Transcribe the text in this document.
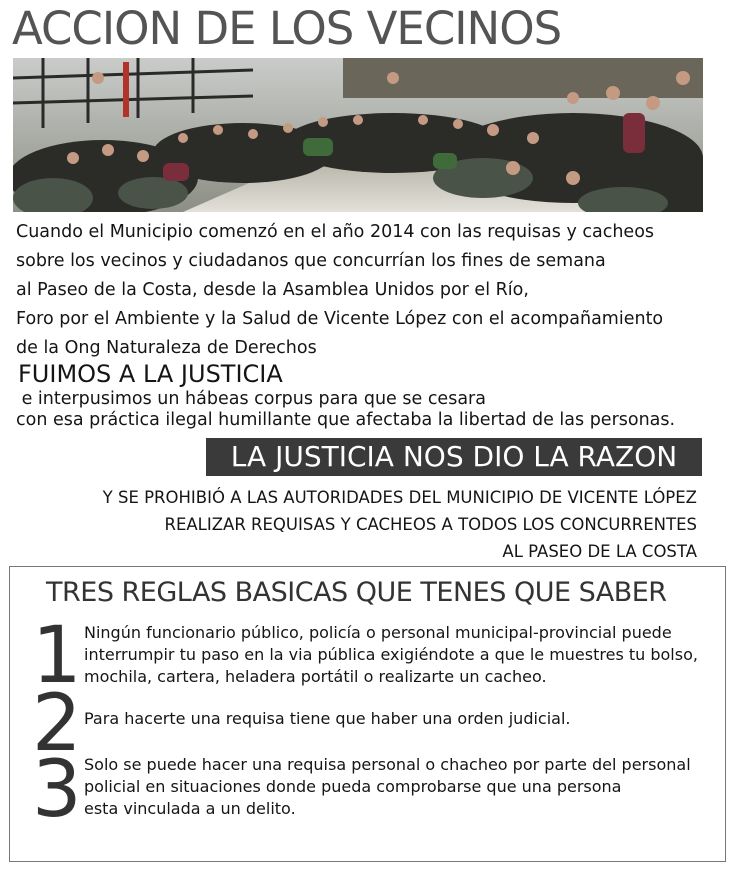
ACCION DE LOS VECINOS
Cuando el Municipio comenzó en el año 2014 con las requisas y cacheos
sobre los vecinos y ciudadanos que concurrían los fines de semana
al Paseo de la Costa, desde la Asamblea Unidos por el Río,
Foro por el Ambiente y la Salud de Vicente López con el acompañamiento
de la Ong Naturaleza de Derechos
FUIMOS A LA JUSTICIA
e interpusimos un hábeas corpus para que se cesara
con esa práctica ilegal humillante que afectaba la libertad de las personas.
LA JUSTICIA NOS DIO LA RAZON
Y SE PROHIBIÓ A LAS AUTORIDADES DEL MUNICIPIO DE VICENTE LÓPEZ
REALIZAR REQUISAS Y CACHEOS A TODOS LOS CONCURRENTES
AL PASEO DE LA COSTA
TRES REGLAS BASICAS QUE TENES QUE SABER
1 Ningún funcionario público, policía o personal municipal-provincial puede
interrumpir tu paso en la via pública exigiéndote a que le muestres tu bolso,
mochila, cartera, heladera portátil o realizarte un cacheo.
2 Para hacerte una requisa tiene que haber una orden judicial.
3 Solo se puede hacer una requisa personal o chacheo por parte del personal
policial en situaciones donde pueda comprobarse que una persona
esta vinculada a un delito.
